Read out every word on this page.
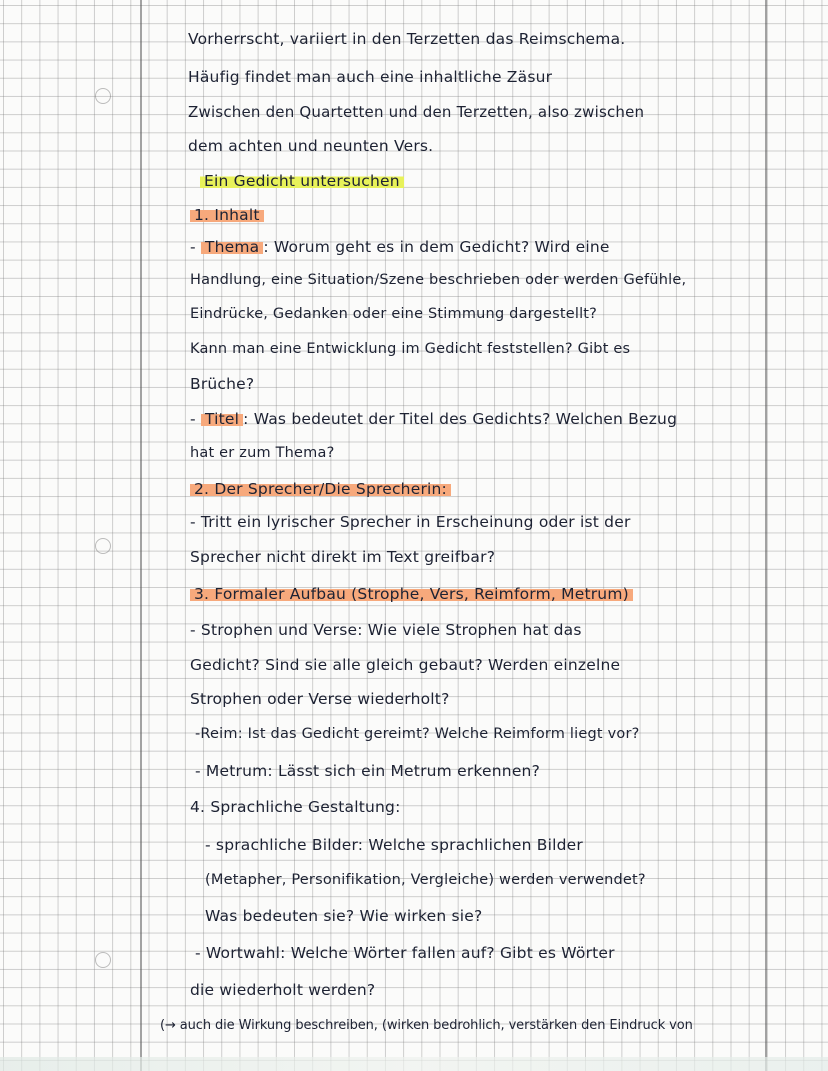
Vorherrscht, variiert in den Terzetten das Reimschema.
Häufig findet man auch eine inhaltliche Zäsur
Zwischen den Quartetten und den Terzetten, also zwischen
dem achten und neunten Vers.
Ein Gedicht untersuchen
1. Inhalt
- Thema : Worum geht es in dem Gedicht? Wird eine
Handlung, eine Situation/Szene beschrieben oder werden Gefühle,
Eindrücke, Gedanken oder eine Stimmung dargestellt?
Kann man eine Entwicklung im Gedicht feststellen? Gibt es
Brüche?
- Titel : Was bedeutet der Titel des Gedichts? Welchen Bezug
hat er zum Thema?
2. Der Sprecher/Die Sprecherin:
- Tritt ein lyrischer Sprecher in Erscheinung oder ist der
Sprecher nicht direkt im Text greifbar?
3. Formaler Aufbau (Strophe, Vers, Reimform, Metrum)
- Strophen und Verse: Wie viele Strophen hat das
Gedicht? Sind sie alle gleich gebaut? Werden einzelne
Strophen oder Verse wiederholt?
-Reim: Ist das Gedicht gereimt? Welche Reimform liegt vor?
- Metrum: Lässt sich ein Metrum erkennen?
4. Sprachliche Gestaltung:
- sprachliche Bilder: Welche sprachlichen Bilder
(Metapher, Personifikation, Vergleiche) werden verwendet?
Was bedeuten sie? Wie wirken sie?
- Wortwahl: Welche Wörter fallen auf? Gibt es Wörter
die wiederholt werden?
(→ auch die Wirkung beschreiben, (wirken bedrohlich, verstärken den Eindruck von
